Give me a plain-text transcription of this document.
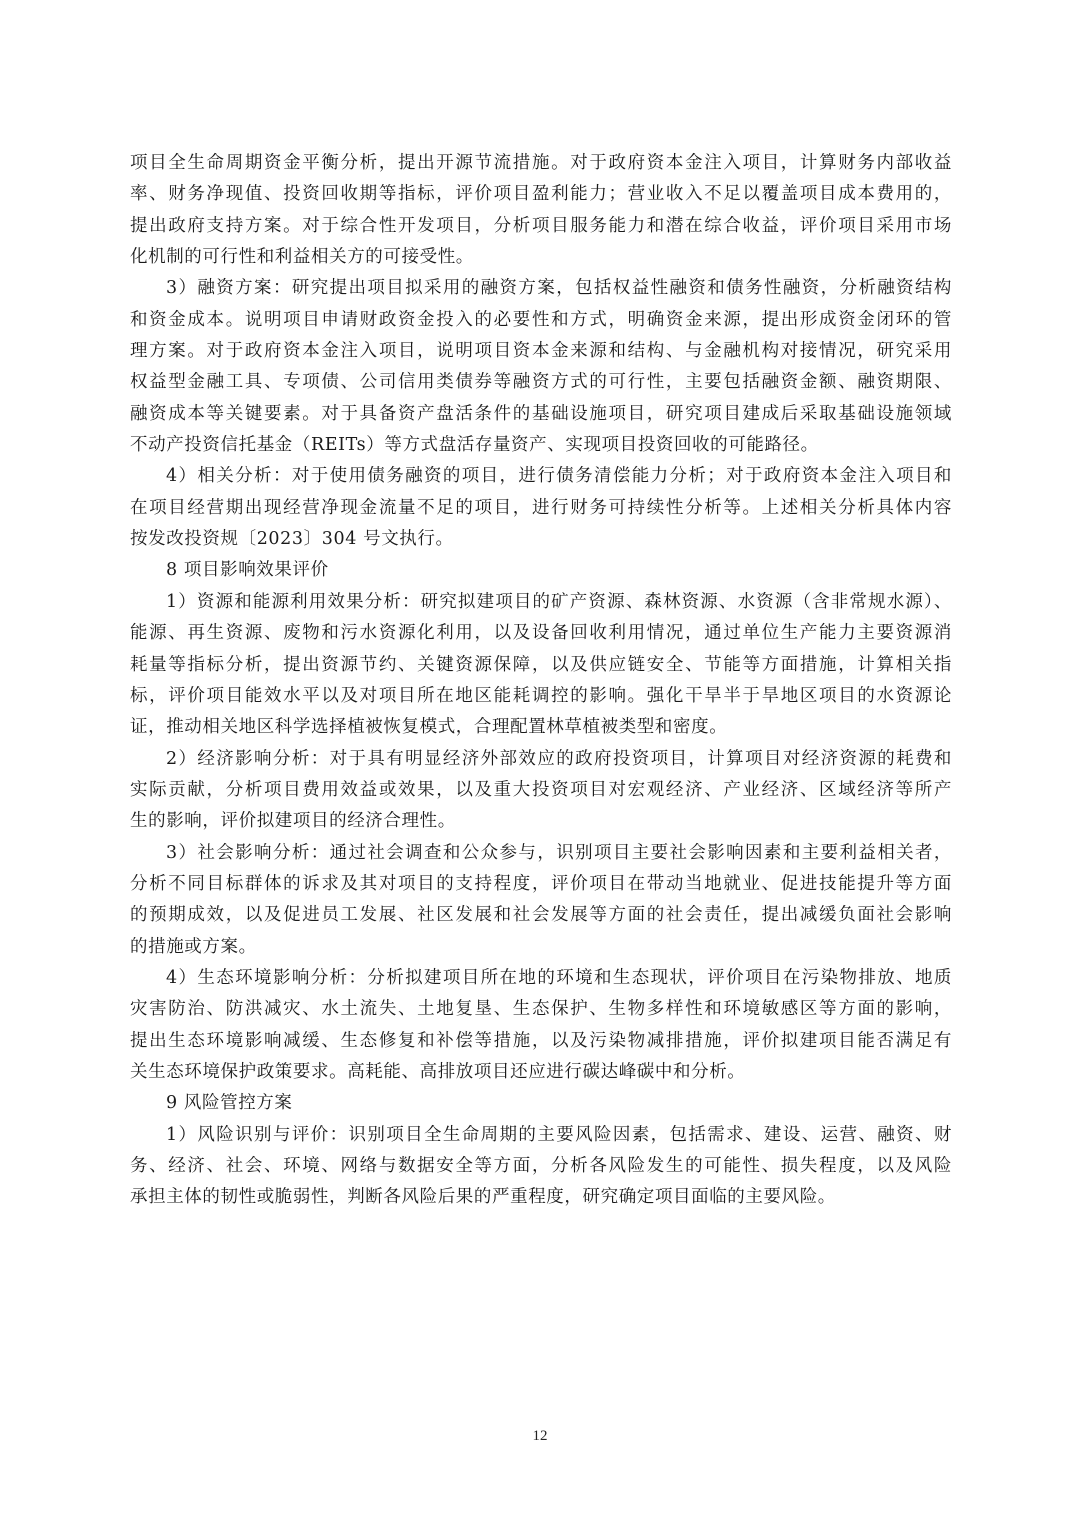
项目全生命周期资金平衡分析，提出开源节流措施。对于政府资本金注入项目，计算财务内部收益
率、财务净现值、投资回收期等指标，评价项目盈利能力；营业收入不足以覆盖项目成本费用的，
提出政府支持方案。对于综合性开发项目，分析项目服务能力和潜在综合收益，评价项目采用市场
化机制的可行性和利益相关方的可接受性。
3）融资方案：研究提出项目拟采用的融资方案，包括权益性融资和债务性融资，分析融资结构
和资金成本。说明项目申请财政资金投入的必要性和方式，明确资金来源，提出形成资金闭环的管
理方案。对于政府资本金注入项目，说明项目资本金来源和结构、与金融机构对接情况，研究采用
权益型金融工具、专项债、公司信用类债券等融资方式的可行性，主要包括融资金额、融资期限、
融资成本等关键要素。对于具备资产盘活条件的基础设施项目，研究项目建成后采取基础设施领域
不动产投资信托基金（REITs）等方式盘活存量资产、实现项目投资回收的可能路径。
4）相关分析：对于使用债务融资的项目，进行债务清偿能力分析；对于政府资本金注入项目和
在项目经营期出现经营净现金流量不足的项目，进行财务可持续性分析等。上述相关分析具体内容
按发改投资规〔2023〕304 号文执行。
8 项目影响效果评价
1）资源和能源利用效果分析：研究拟建项目的矿产资源、森林资源、水资源（含非常规水源）、
能源、再生资源、废物和污水资源化利用，以及设备回收利用情况，通过单位生产能力主要资源消
耗量等指标分析，提出资源节约、关键资源保障，以及供应链安全、节能等方面措施，计算相关指
标，评价项目能效水平以及对项目所在地区能耗调控的影响。强化干旱半于旱地区项目的水资源论
证，推动相关地区科学选择植被恢复模式，合理配置林草植被类型和密度。
2）经济影响分析：对于具有明显经济外部效应的政府投资项目，计算项目对经济资源的耗费和
实际贡献，分析项目费用效益或效果，以及重大投资项目对宏观经济、产业经济、区域经济等所产
生的影响，评价拟建项目的经济合理性。
3）社会影响分析：通过社会调查和公众参与，识别项目主要社会影响因素和主要利益相关者，
分析不同目标群体的诉求及其对项目的支持程度，评价项目在带动当地就业、促进技能提升等方面
的预期成效，以及促进员工发展、社区发展和社会发展等方面的社会责任，提出减缓负面社会影响
的措施或方案。
4）生态环境影响分析：分析拟建项目所在地的环境和生态现状，评价项目在污染物排放、地质
灾害防治、防洪减灾、水土流失、土地复垦、生态保护、生物多样性和环境敏感区等方面的影响，
提出生态环境影响减缓、生态修复和补偿等措施，以及污染物减排措施，评价拟建项目能否满足有
关生态环境保护政策要求。高耗能、高排放项目还应进行碳达峰碳中和分析。
9 风险管控方案
1）风险识别与评价：识别项目全生命周期的主要风险因素，包括需求、建设、运营、融资、财
务、经济、社会、环境、网络与数据安全等方面，分析各风险发生的可能性、损失程度，以及风险
承担主体的韧性或脆弱性，判断各风险后果的严重程度，研究确定项目面临的主要风险。
12
